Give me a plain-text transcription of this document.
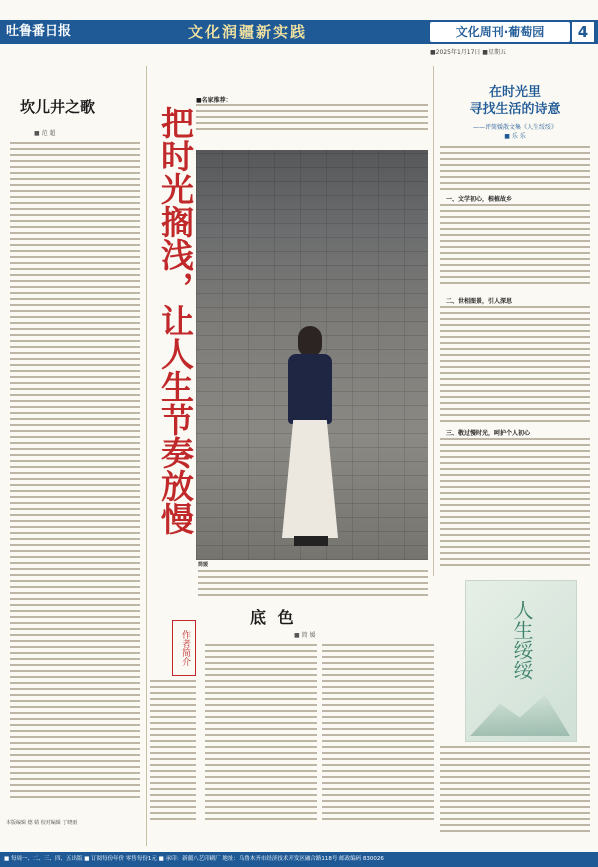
吐鲁番日报	文化润疆新实践	文化周刊·葡萄园	4
■2025年1月17日 ■星期五
坎儿井之歌
■ 范 超
本版编辑 德 婧 校对编辑 丁晓雨
把时光搁浅，让人生节奏放慢
■名家推荐：
简媛
作者简介
底 色
■ 简 媛
在时光里
寻找生活的诗意
——评简媛散文集《人生绥绥》
■ 乐 乐
一、文学初心，根植故乡
二、世相图景，引人深思
三、敬过慢时光，呵护个人初心
人生绥绥
■ 每周一、二、三、四、五出版 ■ 订阅每份年价 零售每份1元 ■ 承印：新疆八艺印刷厂 地址：乌鲁木齐市经济技术开发区融合路118号 邮政编码 830026
